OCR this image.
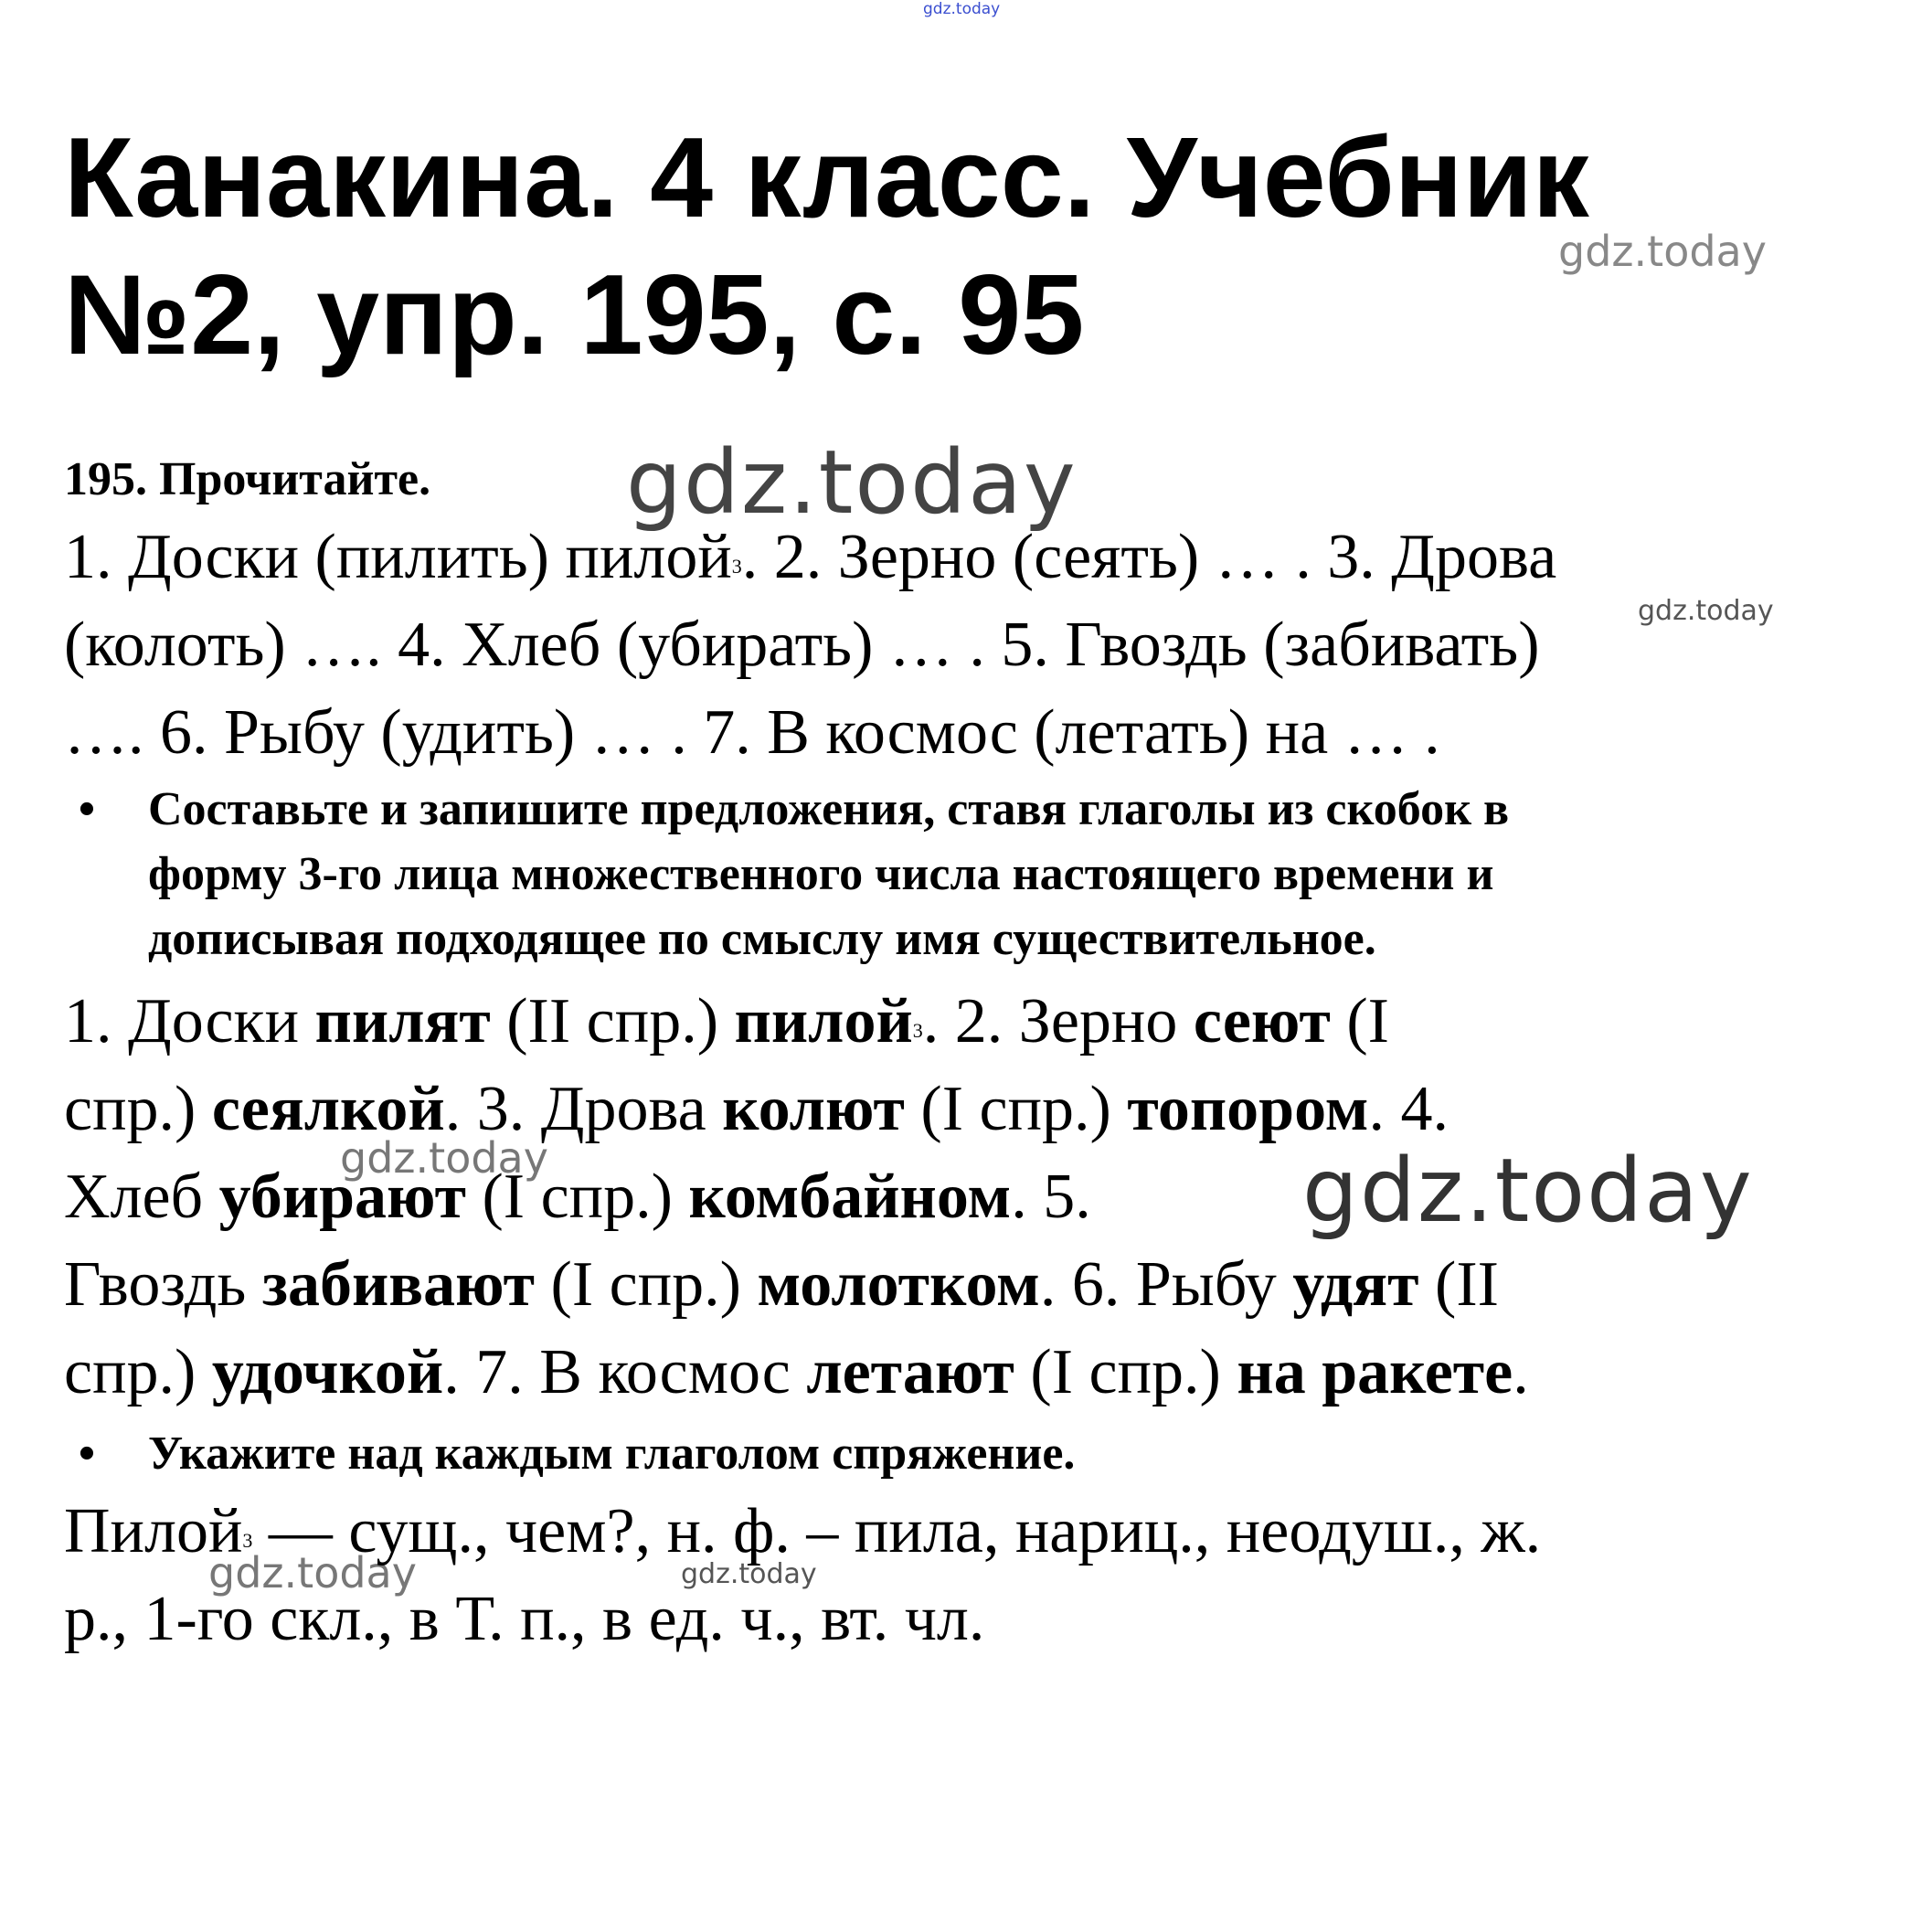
gdz.today
gdz.today
gdz.today
gdz.today
gdz.today	gdz.today
gdz.today	gdz.today
Канакина. 4 класс. Учебник
№2, упр. 195, с. 95
195. Прочитайте.
1. Доски (пилить) пилой$^3$. 2. Зерно (сеять) … . 3. Дрова
(колоть) …. 4. Хлеб (убирать) … . 5. Гвоздь (забивать)
…. 6. Рыбу (удить) … . 7. В космос (летать) на … .
•	Составьте и запишите предложения, ставя глаголы из скобок в
форму 3-го лица множественного числа настоящего времени и
дописывая подходящее по смыслу имя существительное.
1. Доски пилят (II спр.) пилой$^3$. 2. Зерно сеют (I
спр.) сеялкой. 3. Дрова колют (I спр.) топором. 4.
Хлеб убирают (I спр.) комбайном. 5.
Гвоздь забивают (I спр.) молотком. 6. Рыбу удят (II
спр.) удочкой. 7. В космос летают (I спр.) на ракете.
•	Укажите над каждым глаголом спряжение.
Пилой$^3$ — сущ., чем?, н. ф. – пила, нариц., неодуш., ж.
р., 1-го скл., в Т. п., в ед. ч., вт. чл.
